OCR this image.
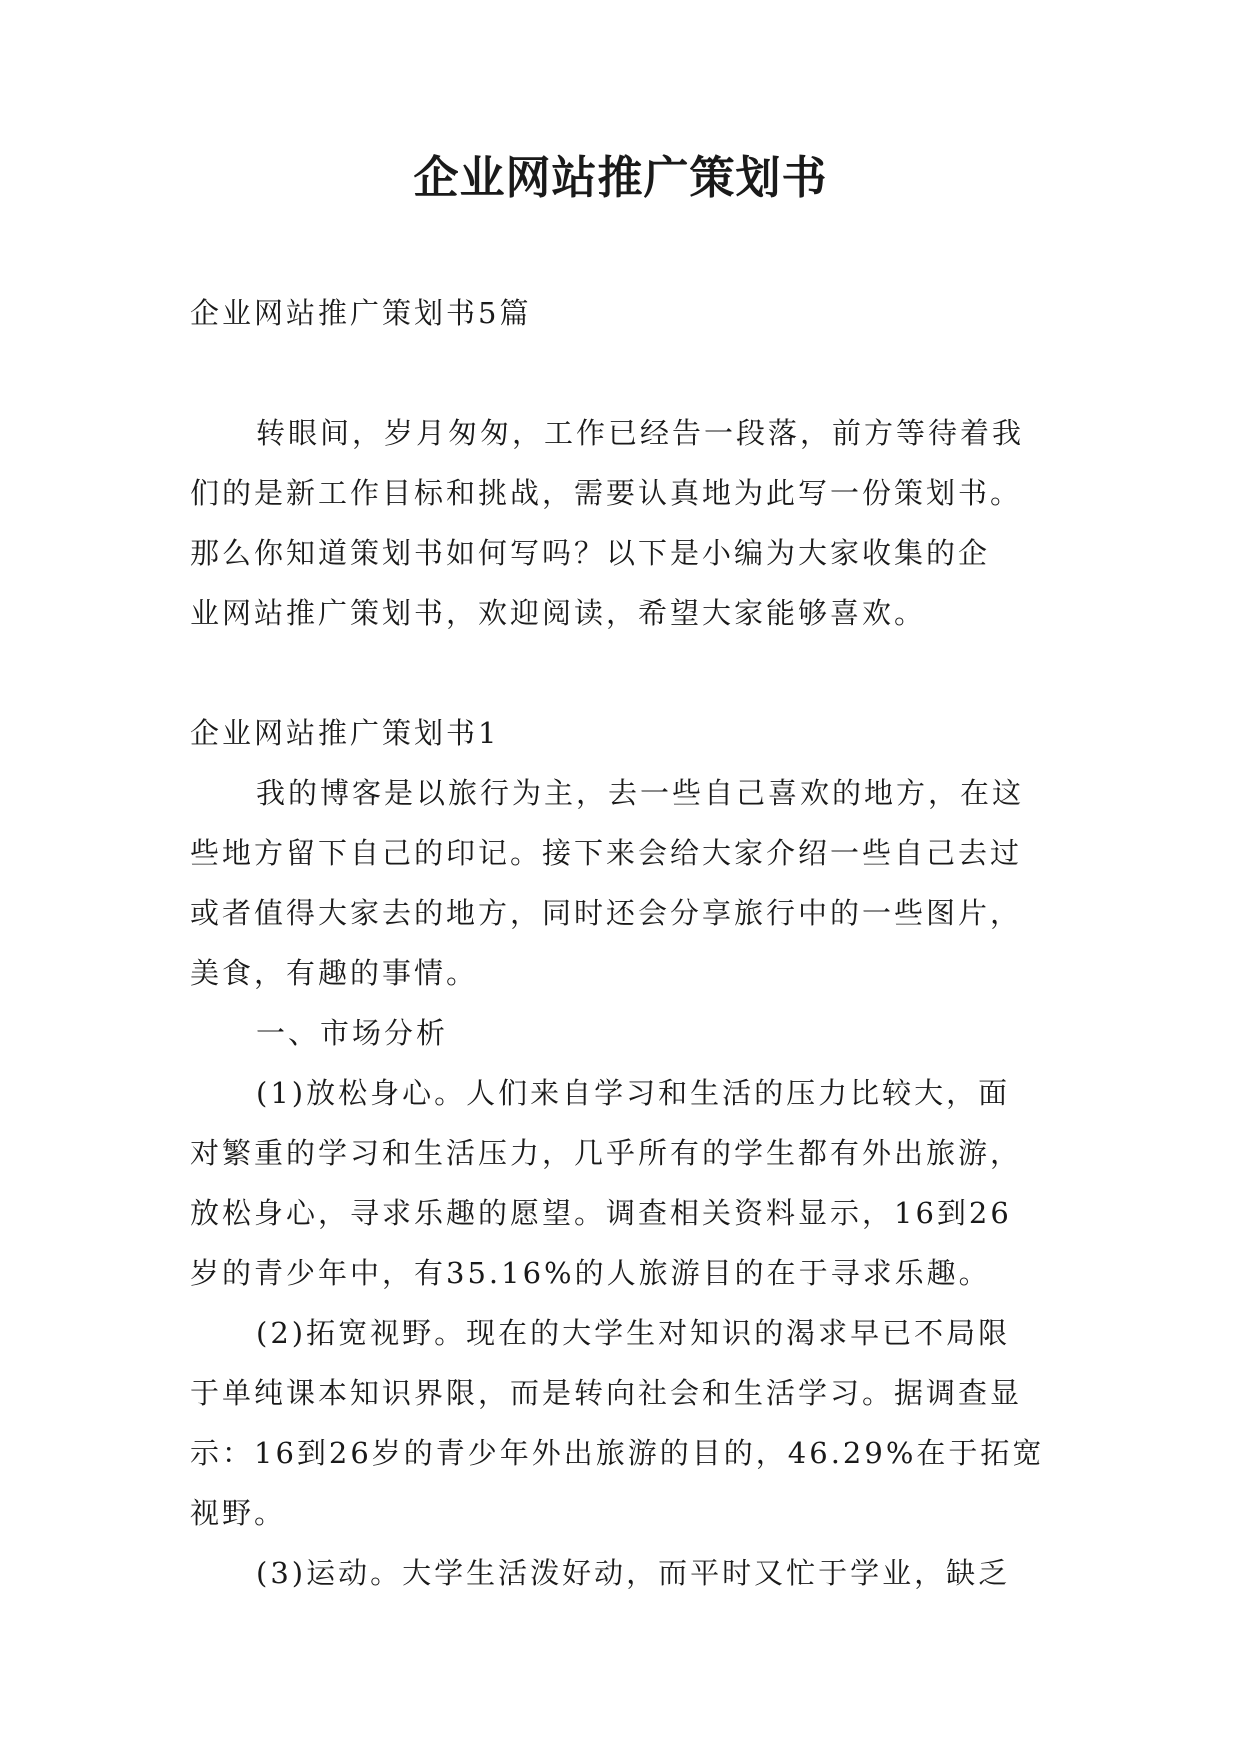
企业网站推广策划书

企业网站推广策划书5篇

转眼间，岁月匆匆，工作已经告一段落，前方等待着我

们的是新工作目标和挑战，需要认真地为此写一份策划书。

那么你知道策划书如何写吗？以下是小编为大家收集的企

业网站推广策划书，欢迎阅读，希望大家能够喜欢。

企业网站推广策划书1

我的博客是以旅行为主，去一些自己喜欢的地方，在这

些地方留下自己的印记。接下来会给大家介绍一些自己去过

或者值得大家去的地方，同时还会分享旅行中的一些图片，

美食，有趣的事情。

一、市场分析

(1)放松身心。人们来自学习和生活的压力比较大，面

对繁重的学习和生活压力，几乎所有的学生都有外出旅游，

放松身心，寻求乐趣的愿望。调查相关资料显示，16到26

岁的青少年中，有35.16%的人旅游目的在于寻求乐趣。

(2)拓宽视野。现在的大学生对知识的渴求早已不局限

于单纯课本知识界限，而是转向社会和生活学习。据调查显

示：16到26岁的青少年外出旅游的目的，46.29%在于拓宽

视野。

(3)运动。大学生活泼好动，而平时又忙于学业，缺乏
